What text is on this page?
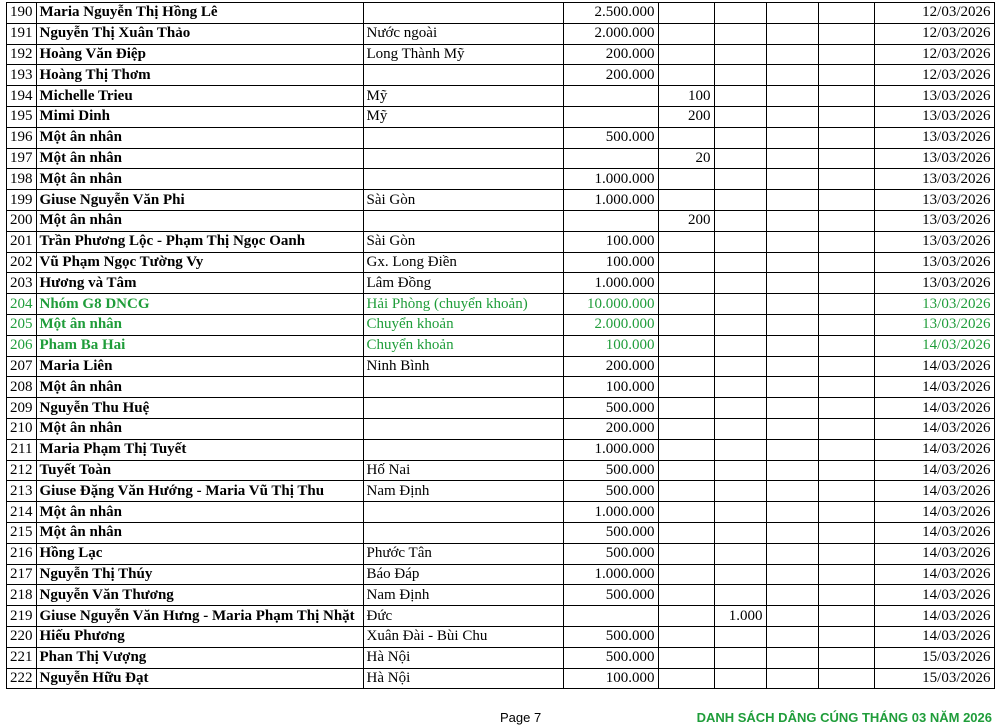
190	Maria Nguyễn Thị Hồng Lê		2.500.000					12/03/2026
191	Nguyễn Thị Xuân Thảo	Nước ngoài	2.000.000					12/03/2026
192	Hoàng Văn Điệp	Long Thành Mỹ	200.000					12/03/2026
193	Hoàng Thị Thơm		200.000					12/03/2026
194	Michelle Trieu	Mỹ		100				13/03/2026
195	Mimi Dinh	Mỹ		200				13/03/2026
196	Một ân nhân		500.000					13/03/2026
197	Một ân nhân			20				13/03/2026
198	Một ân nhân		1.000.000					13/03/2026
199	Giuse Nguyễn Văn Phi	Sài Gòn	1.000.000					13/03/2026
200	Một ân nhân			200				13/03/2026
201	Trần Phương Lộc - Phạm Thị Ngọc Oanh	Sài Gòn	100.000					13/03/2026
202	Vũ Phạm Ngọc Tường Vy	Gx. Long Điền	100.000					13/03/2026
203	Hương và Tâm	Lâm Đồng	1.000.000					13/03/2026
204	Nhóm G8 DNCG	Hải Phòng (chuyển khoản)	10.000.000					13/03/2026
205	Một ân nhân	Chuyển khoản	2.000.000					13/03/2026
206	Pham Ba Hai	Chuyển khoản	100.000					14/03/2026
207	Maria Liên	Ninh Bình	200.000					14/03/2026
208	Một ân nhân		100.000					14/03/2026
209	Nguyễn Thu Huệ		500.000					14/03/2026
210	Một ân nhân		200.000					14/03/2026
211	Maria Phạm Thị Tuyết		1.000.000					14/03/2026
212	Tuyết Toàn	Hố Nai	500.000					14/03/2026
213	Giuse Đặng Văn Hướng - Maria Vũ Thị Thu	Nam Định	500.000					14/03/2026
214	Một ân nhân		1.000.000					14/03/2026
215	Một ân nhân		500.000					14/03/2026
216	Hồng Lạc	Phước Tân	500.000					14/03/2026
217	Nguyễn Thị Thúy	Báo Đáp	1.000.000					14/03/2026
218	Nguyễn Văn Thương	Nam Định	500.000					14/03/2026
219	Giuse Nguyễn Văn Hưng - Maria Phạm Thị Nhặt	Đức			1.000			14/03/2026
220	Hiếu Phương	Xuân Đài - Bùi Chu	500.000					14/03/2026
221	Phan Thị Vượng	Hà Nội	500.000					15/03/2026
222	Nguyễn Hữu Đạt	Hà Nội	100.000					15/03/2026
Page 7	DANH SÁCH DÂNG CÚNG THÁNG 03 NĂM 2026
